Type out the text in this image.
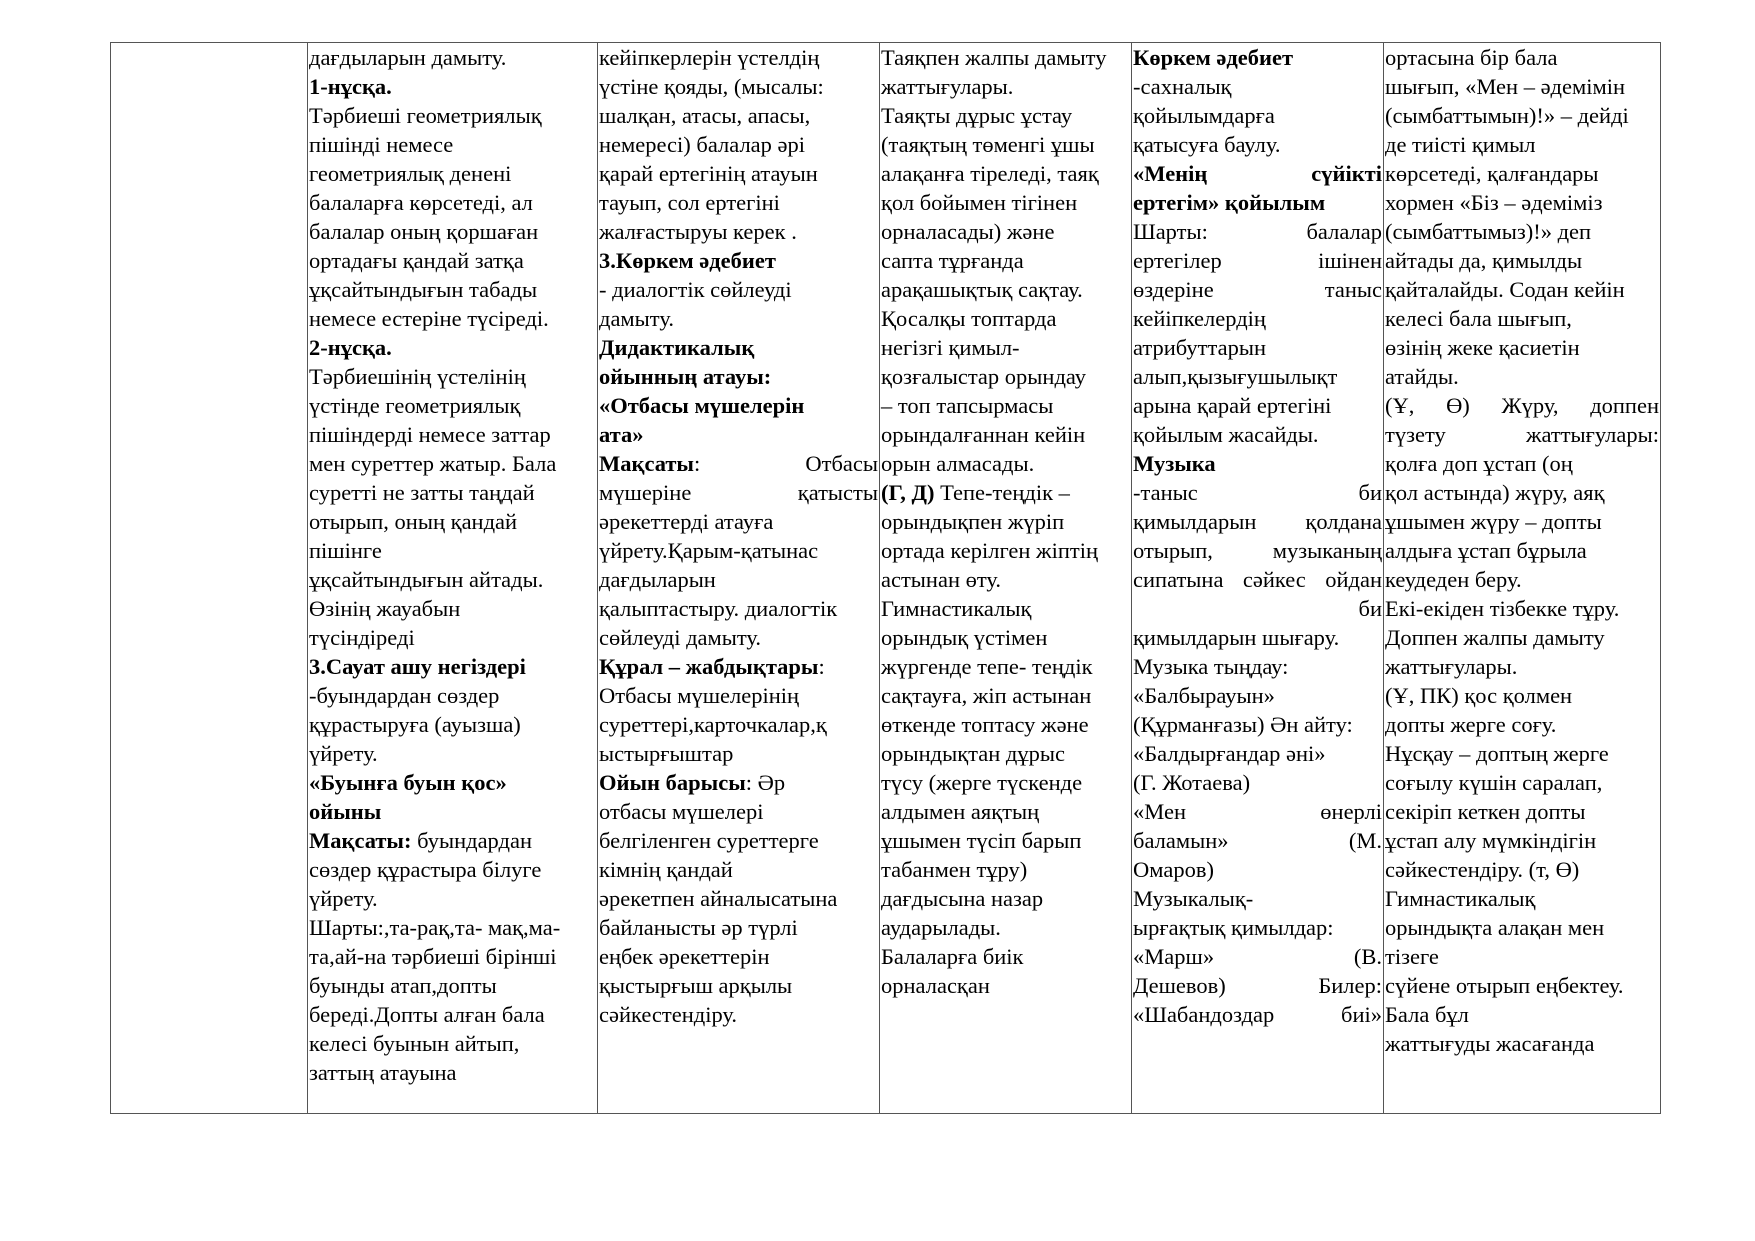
дағдыларын дамыту.
1-нұсқа.
Тәрбиеші геометриялық
пішінді немесе
геометриялық денені
балаларға көрсетеді, ал
балалар оның қоршаған
ортадағы қандай затқа
ұқсайтындығын табады
немесе естеріне түсіреді.
2-нұсқа.
Тәрбиешінің үстелінің
үстінде геометриялық
пішіндерді немесе заттар
мен суреттер жатыр. Бала
суретті не затты таңдай
отырып, оның қандай
пішінге
ұқсайтындығын айтады.
Өзінің жауабын
түсіндіреді
3.Сауат ашу негіздері
-буындардан сөздер
құрастыруға (ауызша)
үйрету.
«Буынға буын қос»
ойыны
Мақсаты: буындардан
сөздер құрастыра білуге
үйрету.
Шарты:,та-рақ,та- мақ,ма-
та,ай-на тәрбиеші бірінші
буынды атап,допты
береді.Допты алған бала
келесі буынын айтып,
заттың атауына

кейіпкерлерін үстелдің
үстіне қояды, (мысалы:
шалқан, атасы, апасы,
немересі) балалар әрі
қарай ертегінің атауын
тауып, сол ертегіні
жалғастыруы керек .
3.Көркем әдебиет
- диалогтік сөйлеуді
дамыту.
Дидактикалық
ойынның атауы:
«Отбасы мүшелерін
ата»
Мақсаты:	Отбасы
мүшеріне	қатысты
әрекеттерді атауға
үйрету.Қарым-қатынас
дағдыларын
қалыптастыру. диалогтік
сөйлеуді дамыту.
Құрал – жабдықтары:
Отбасы мүшелерінің
суреттері,карточкалар,қ
ыстырғыштар
Ойын барысы: Әр
отбасы мүшелері
белгіленген суреттерге
кімнің қандай
әрекетпен айналысатына
байланысты әр түрлі
еңбек әрекеттерін
қыстырғыш арқылы
сәйкестендіру.

Таяқпен жалпы дамыту
жаттығулары.
Таяқты дұрыс ұстау
(таяқтың төменгі ұшы
алақанға тіреледі, таяқ
қол бойымен тігінен
орналасады) және
сапта тұрғанда
арақашықтық сақтау.
Қосалқы топтарда
негізгі қимыл-
қозғалыстар орындау
– топ тапсырмасы
орындалғаннан кейін
орын алмасады.
(Г, Д) Тепе-теңдік –
орындықпен жүріп
ортада керілген жіптің
астынан өту.
Гимнастикалық
орындық үстімен
жүргенде тепе- теңдік
сақтауға, жіп астынан
өткенде топтасу және
орындықтан дұрыс
түсу (жерге түскенде
алдымен аяқтың
ұшымен түсіп барып
табанмен тұру)
дағдысына назар
аударылады.
Балаларға биік
орналасқан

Көркем әдебиет
-сахналық
қойылымдарға
қатысуға баулу.
«Менің	сүйікті
ертегім» қойылым
Шарты:	балалар
ертегілер	ішінен
өздеріне	таныс
кейіпкелердің
атрибуттарын
алып,қызығушылықт
арына қарай ертегіні
қойылым жасайды.
Музыка
-таныс	би
қимылдарын қолдана
отырып,	музыканың
сипатына сәйкес ойдан
би
қимылдарын шығару.
Музыка тыңдау:
«Балбырауын»
(Құрманғазы) Ән айту:
«Балдырғандар әні»
(Г. Жотаева)
«Мен	өнерлі
баламын»	(М.
Омаров)
Музыкалық-
ырғақтық қимылдар:
«Марш»	(В.
Дешевов)	Билер:
«Шабандоздар	биі»

ортасына бір бала
шығып, «Мен – әдемімін
(сымбаттымын)!» – дейді
де тиісті қимыл
көрсетеді, қалғандары
хормен «Біз – әдеміміз
(сымбаттымыз)!» деп
айтады да, қимылды
қайталайды. Содан кейін
келесі бала шығып,
өзінің жеке қасиетін
атайды.
(Ұ, Ө) Жүру, доппен
түзету	жаттығулары:
қолға доп ұстап (оң
қол астында) жүру, аяқ
ұшымен жүру – допты
алдыға ұстап бұрыла
кеудеден беру.
Екі-екіден тізбекке тұру.
Доппен жалпы дамыту
жаттығулары.
(Ұ, ПК) қос қолмен
допты жерге соғу.
Нұсқау – доптың жерге
соғылу күшін саралап,
секіріп кеткен допты
ұстап алу мүмкіндігін
сәйкестендіру. (т, Ө)
Гимнастикалық
орындықта алақан мен
тізеге
сүйене отырып еңбектеу.
Бала бұл
жаттығуды жасағанда
